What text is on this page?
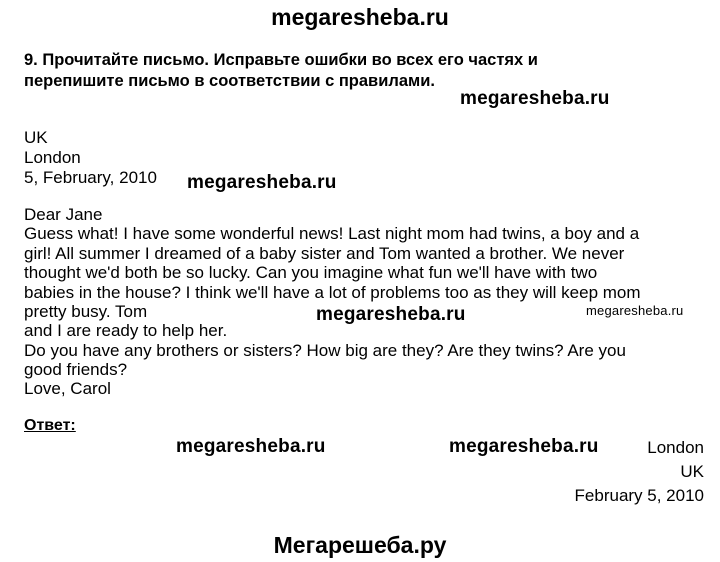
megaresheba.ru
9. Прочитайте письмо. Исправьте ошибки во всех его частях и
перепишите письмо в соответствии с правилами.
megaresheba.ru
UK
London
5, February, 2010 megaresheba.ru
Dear Jane
Guess what! I have some wonderful news! Last night mom had twins, a boy and a
girl! All summer I dreamed of a baby sister and Tom wanted a brother. We never
thought we'd both be so lucky. Can you imagine what fun we'll have with two
babies in the house? I think we'll have a lot of problems too as they will keep mom
pretty busy. Tom	megaresheba.ru	megaresheba.ru
and I are ready to help her.
Do you have any brothers or sisters? How big are they? Are they twins? Are you
good friends?
Love, Carol
Ответ:
megaresheba.ru	megaresheba.ru	London
UK
February 5, 2010
Мегарешеба.ру
